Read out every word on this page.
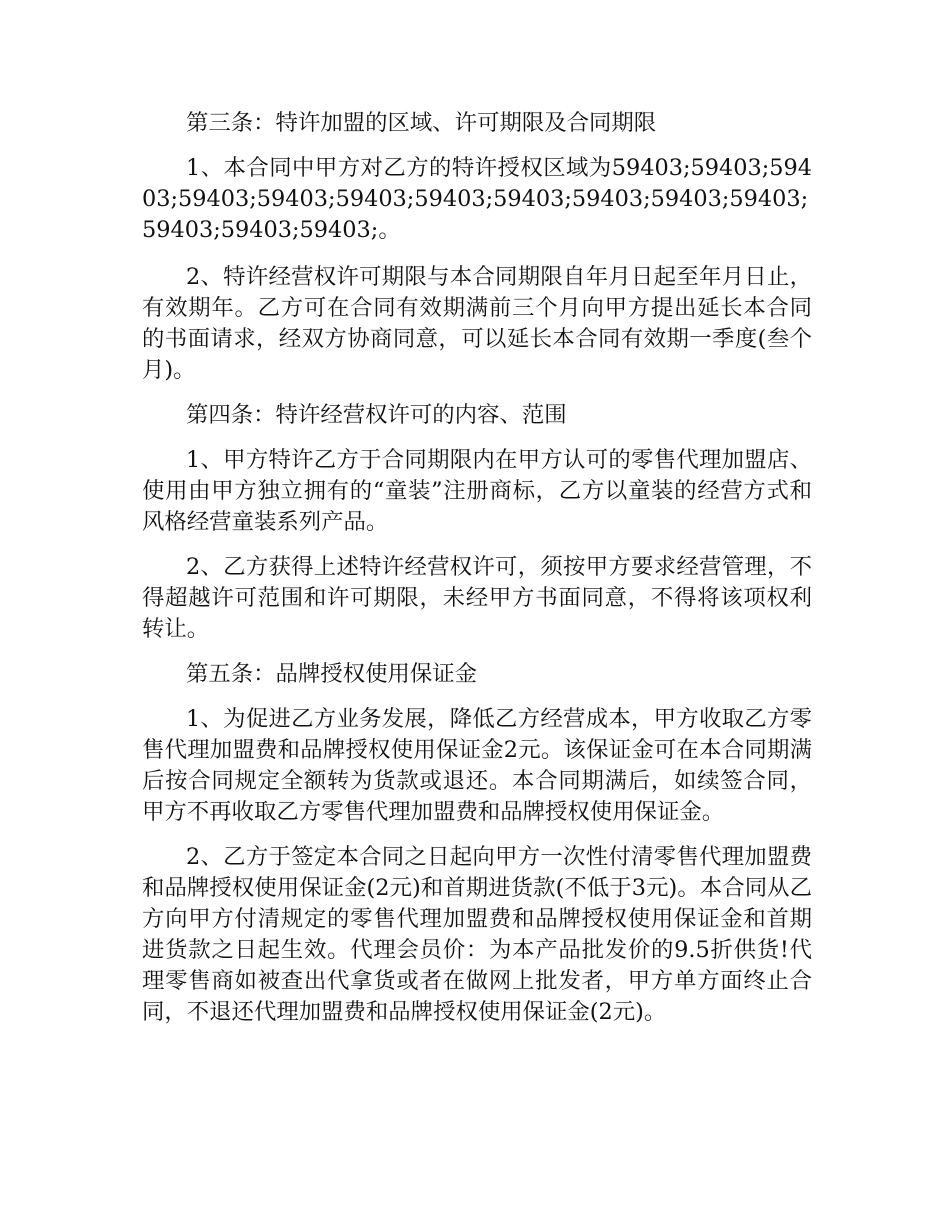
第三条：特许加盟的区域、许可期限及合同期限

1、本合同中甲方对乙方的特许授权区域为59403;59403;59403;59403;59403;59403;59403;59403;59403;59403;59403;59403;59403;59403;。

2、特许经营权许可期限与本合同期限自年月日起至年月日止，有效期年。乙方可在合同有效期满前三个月向甲方提出延长本合同的书面请求，经双方协商同意，可以延长本合同有效期一季度(叁个月)。

第四条：特许经营权许可的内容、范围

1、甲方特许乙方于合同期限内在甲方认可的零售代理加盟店、使用由甲方独立拥有的“童装”注册商标，乙方以童装的经营方式和风格经营童装系列产品。

2、乙方获得上述特许经营权许可，须按甲方要求经营管理，不得超越许可范围和许可期限，未经甲方书面同意，不得将该项权利转让。

第五条：品牌授权使用保证金

1、为促进乙方业务发展，降低乙方经营成本，甲方收取乙方零售代理加盟费和品牌授权使用保证金2元。该保证金可在本合同期满后按合同规定全额转为货款或退还。本合同期满后，如续签合同，甲方不再收取乙方零售代理加盟费和品牌授权使用保证金。

2、乙方于签定本合同之日起向甲方一次性付清零售代理加盟费和品牌授权使用保证金(2元)和首期进货款(不低于3元)。本合同从乙方向甲方付清规定的零售代理加盟费和品牌授权使用保证金和首期进货款之日起生效。代理会员价：为本产品批发价的9.5折供货!代理零售商如被查出代拿货或者在做网上批发者，甲方单方面终止合同，不退还代理加盟费和品牌授权使用保证金(2元)。
